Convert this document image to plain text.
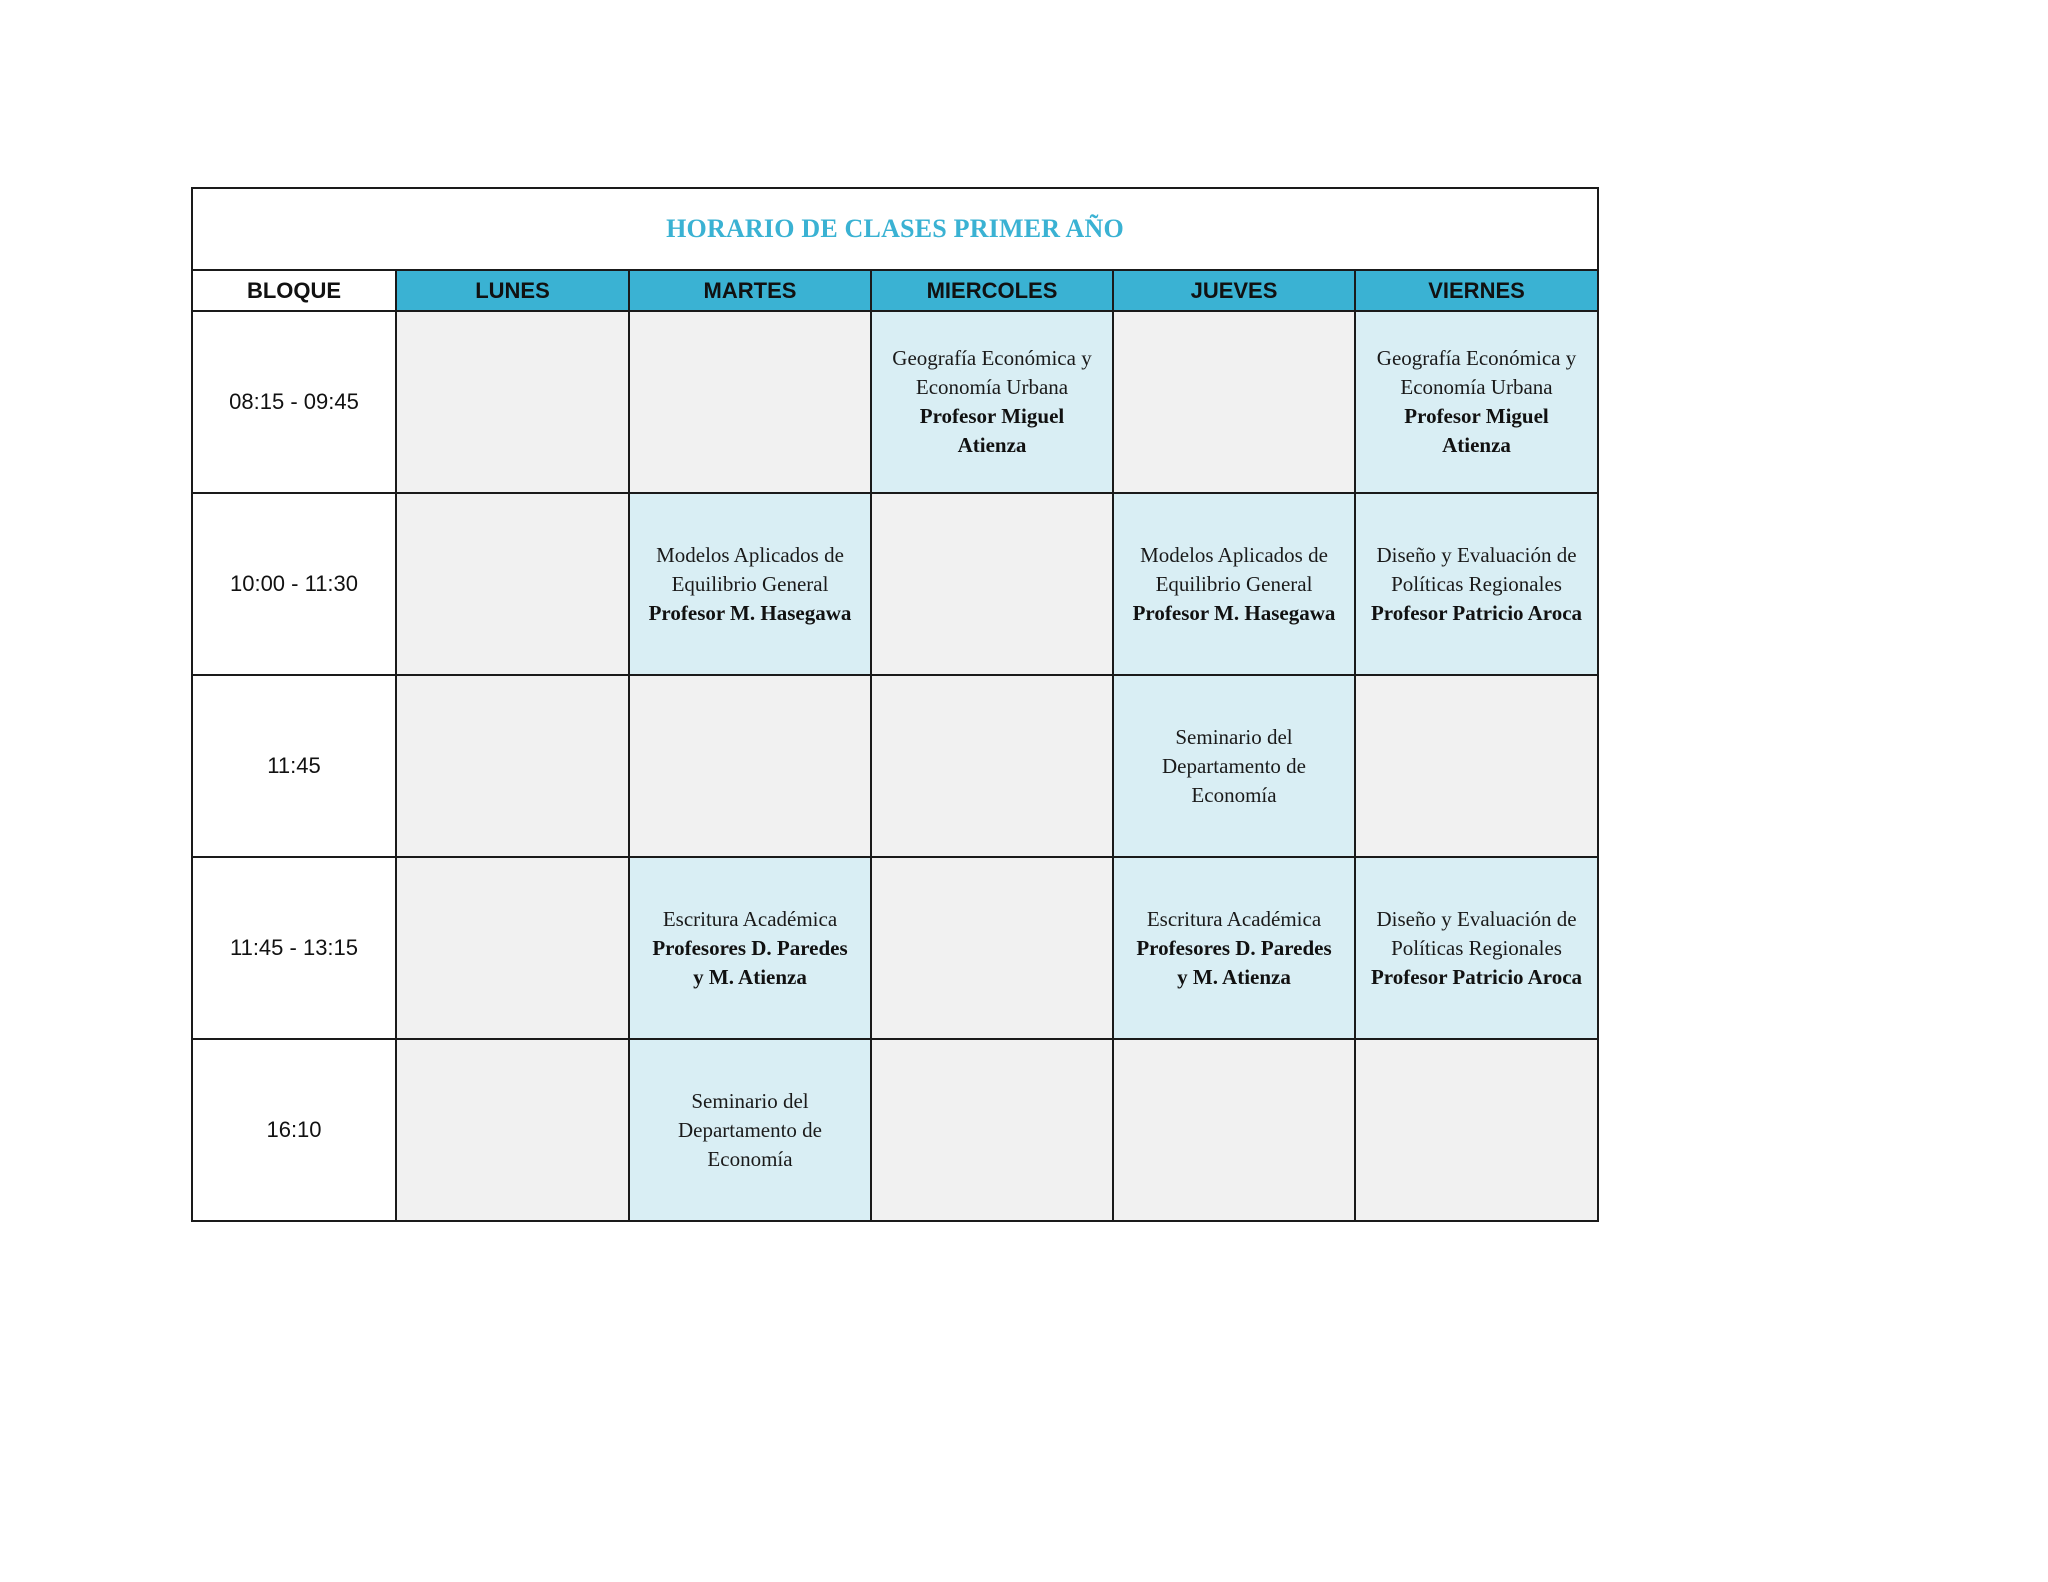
HORARIO DE CLASES PRIMER AÑO					
BLOQUE	LUNES	MARTES	MIERCOLES	JUEVES	VIERNES
08:15 - 09:45			Geografía Económica y
Economía Urbana
Profesor Miguel
Atienza		Geografía Económica y
Economía Urbana
Profesor Miguel
Atienza

10:00 - 11:30		Modelos Aplicados de
Equilibrio General
Profesor M. Hasegawa		Modelos Aplicados de
Equilibrio General
Profesor M. Hasegawa	Diseño y Evaluación de
Políticas Regionales
Profesor Patricio Aroca

11:45				Seminario del
Departamento de
Economía	

11:45 - 13:15		Escritura Académica
Profesores D. Paredes
y M. Atienza		Escritura Académica
Profesores D. Paredes
y M. Atienza	Diseño y Evaluación de
Políticas Regionales
Profesor Patricio Aroca

16:10		Seminario del
Departamento de
Economía			
